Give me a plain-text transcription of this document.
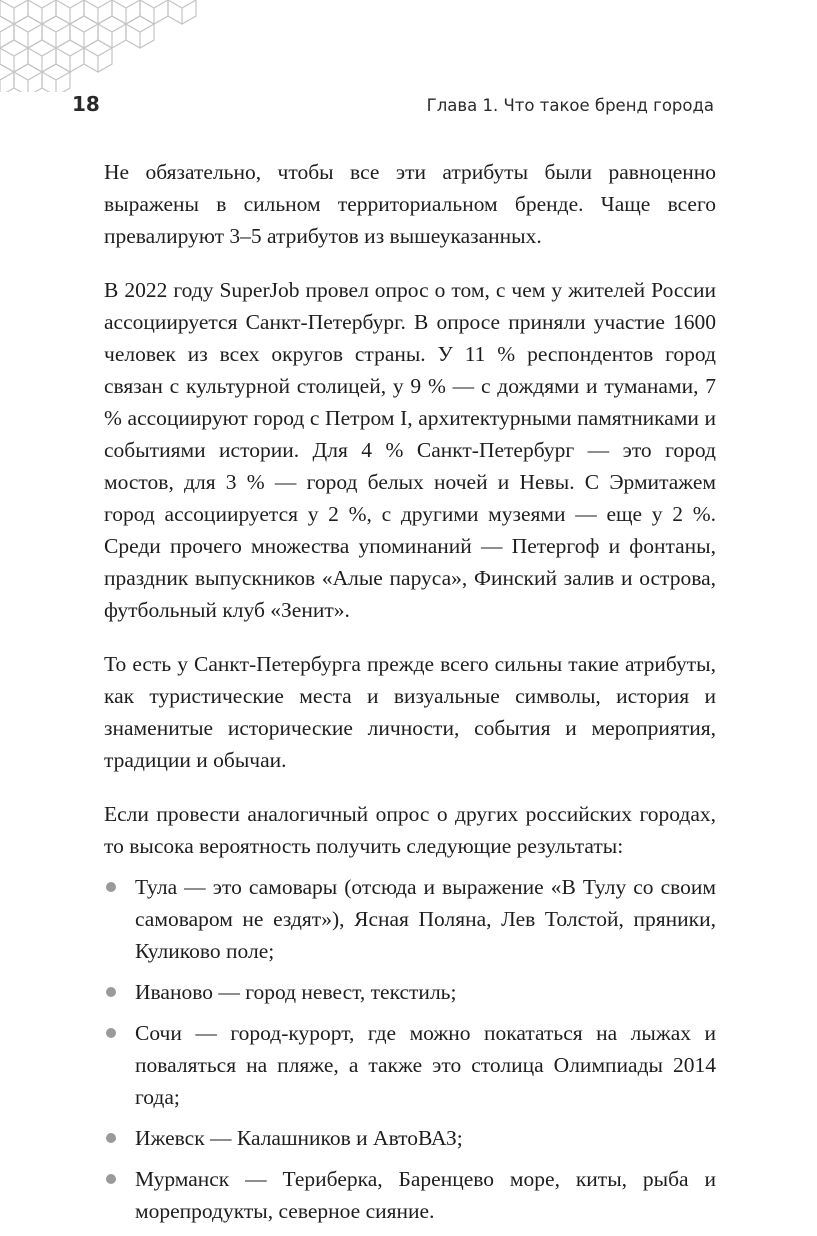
18	Глава 1. Что такое бренд города

Не обязательно, чтобы все эти атрибуты были равноценно выражены в сильном территориальном бренде. Чаще всего превалируют 3–5 атрибутов из вышеуказанных.

В 2022 году SuperJob провел опрос о том, с чем у жителей России ассоциируется Санкт-Петербург. В опросе приняли участие 1600 человек из всех округов страны. У 11 % респондентов город связан с культурной столицей, у 9 % — с дождями и туманами, 7 % ассоциируют город с Петром I, архитектурными памятниками и событиями истории. Для 4 % Санкт-Петербург — это город мостов, для 3 % — город белых ночей и Невы. С Эрмитажем город ассоциируется у 2 %, с другими музеями — еще у 2 %. Среди прочего множества упоминаний — Петергоф и фонтаны, праздник выпускников «Алые паруса», Финский залив и острова, футбольный клуб «Зенит».

То есть у Санкт-Петербурга прежде всего сильны такие атрибуты, как туристические места и визуальные символы, история и знаменитые исторические личности, события и мероприятия, традиции и обычаи.

Если провести аналогичный опрос о других российских городах, то высока вероятность получить следующие результаты:

Тула — это самовары (отсюда и выражение «В Тулу со своим самоваром не ездят»), Ясная Поляна, Лев Толстой, пряники, Куликово поле;
Иваново — город невест, текстиль;
Сочи — город-курорт, где можно покататься на лыжах и поваляться на пляже, а также это столица Олимпиады 2014 года;
Ижевск — Калашников и АвтоВАЗ;
Мурманск — Териберка, Баренцево море, киты, рыба и морепродукты, северное сияние.
